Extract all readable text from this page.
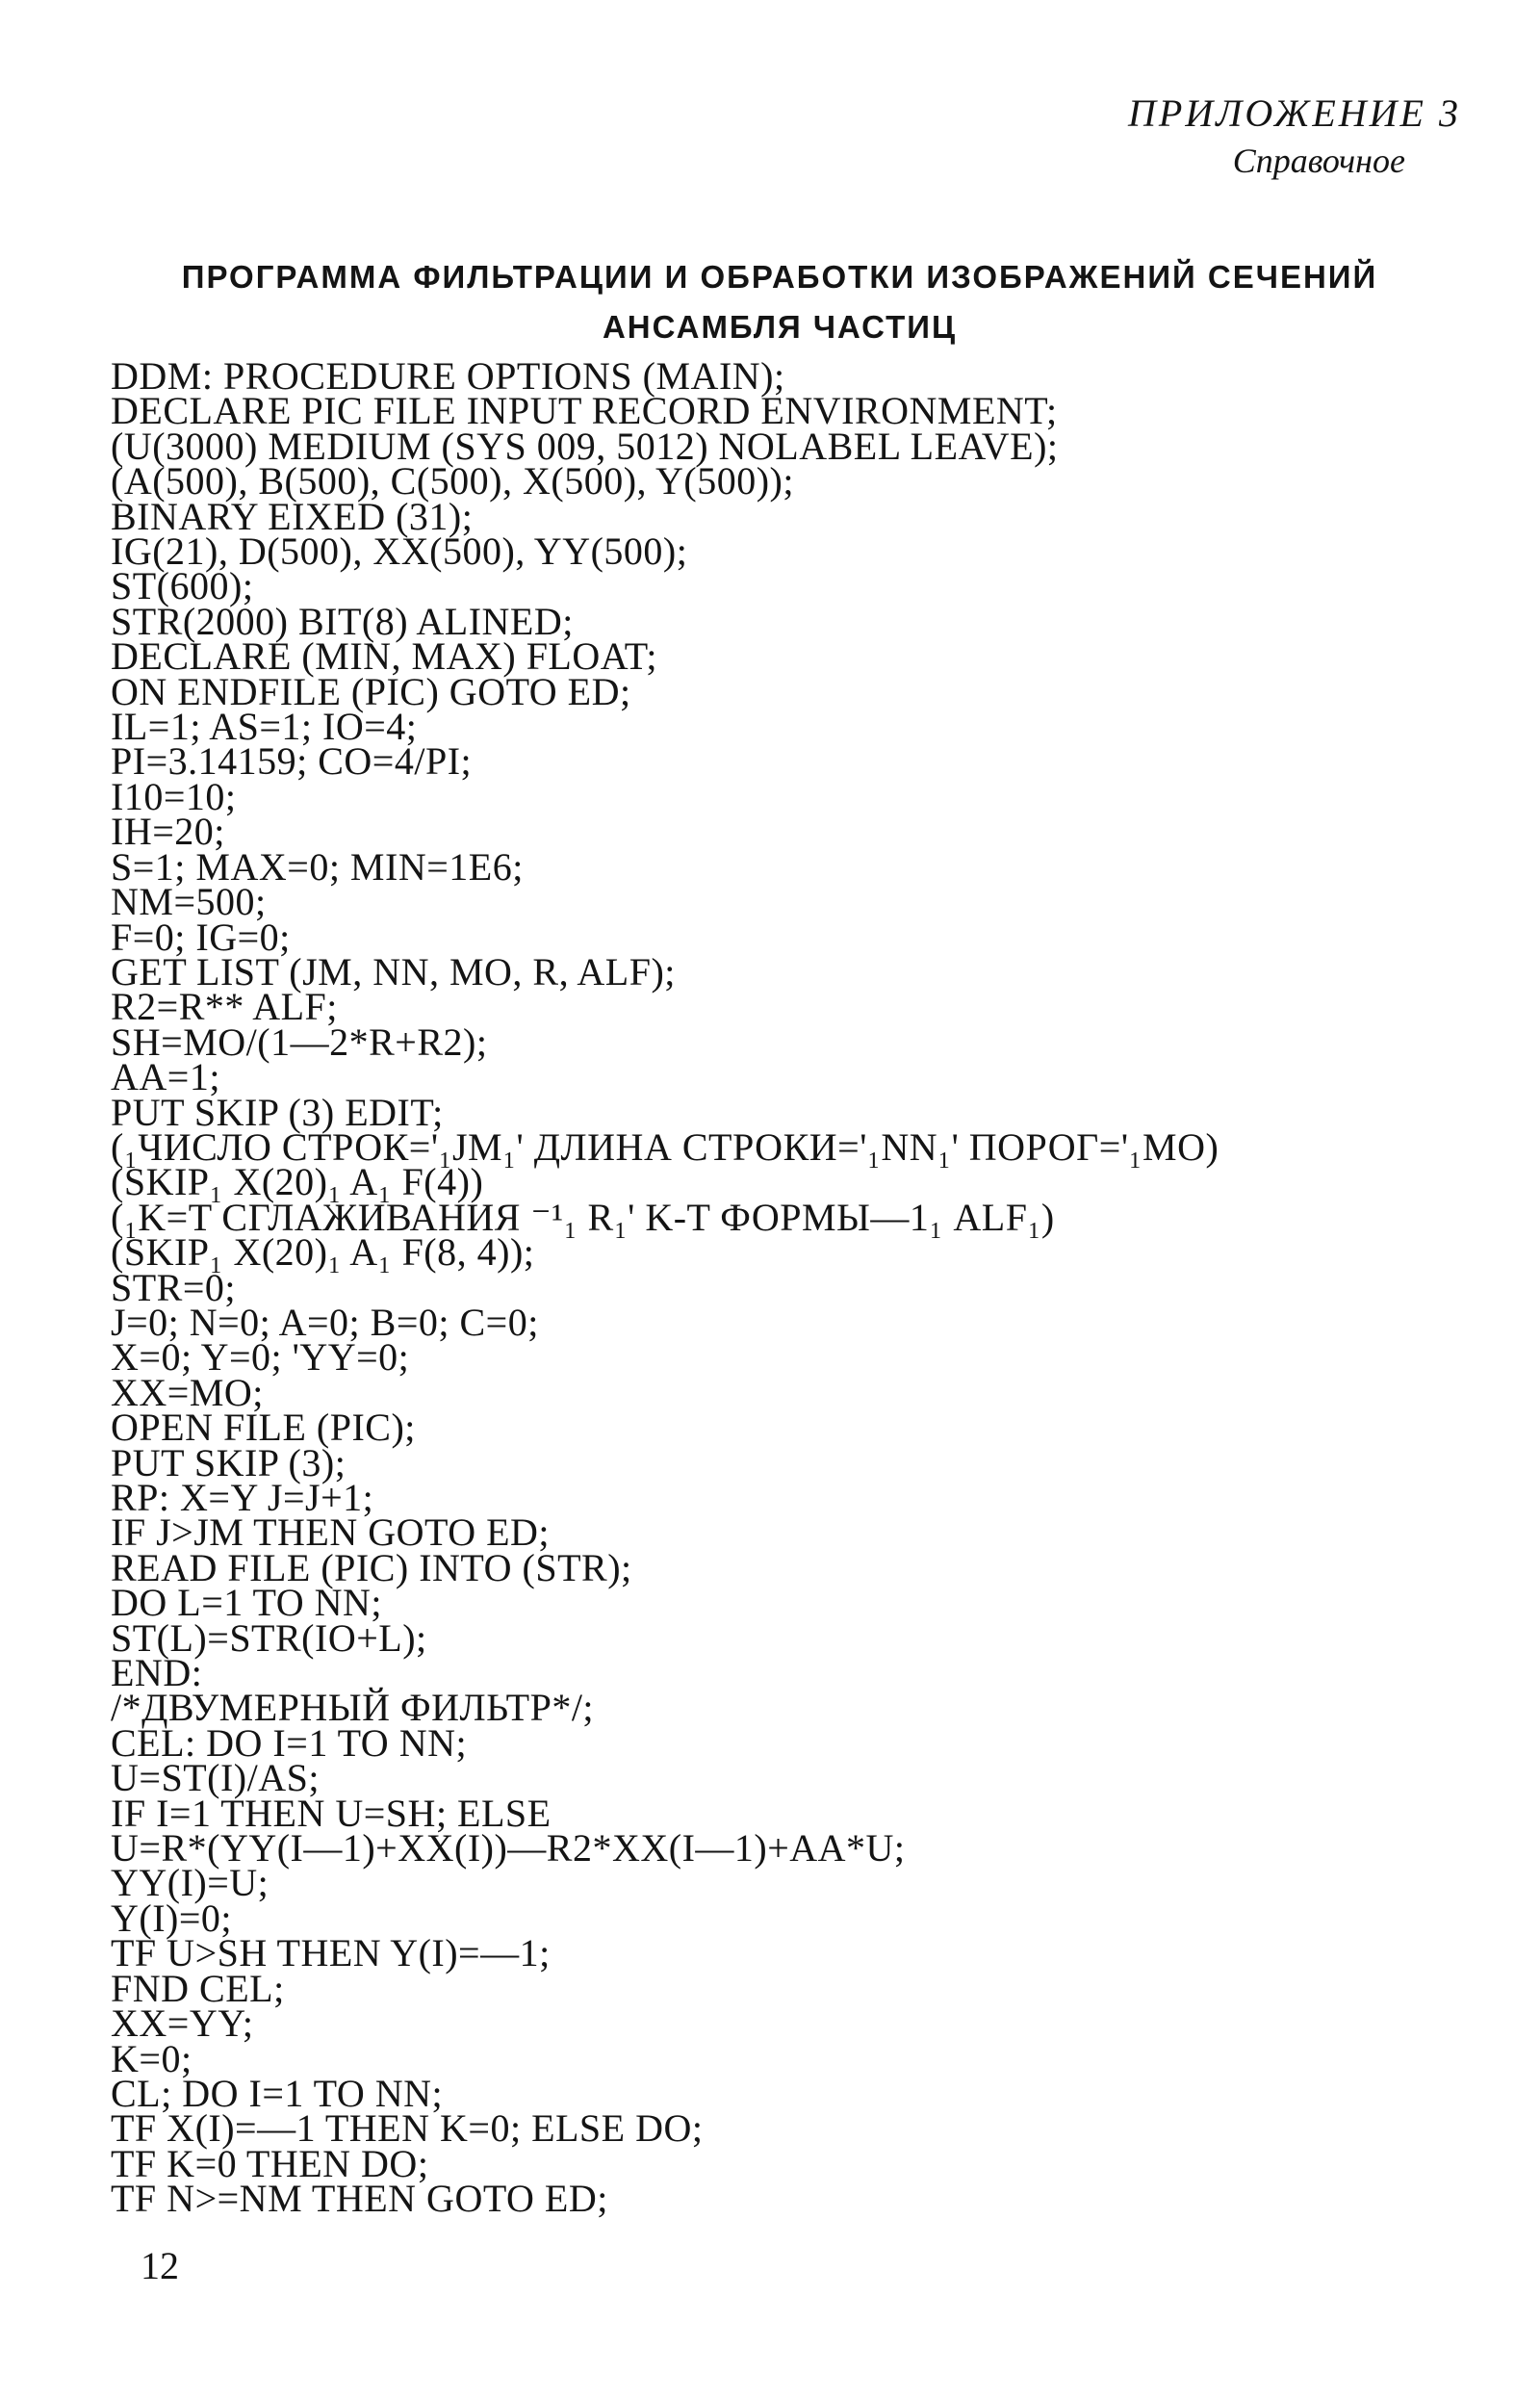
ПРИЛОЖЕНИЕ 3
Справочное
ПРОГРАММА ФИЛЬТРАЦИИ И ОБРАБОТКИ ИЗОБРАЖЕНИЙ СЕЧЕНИЙ
АНСАМБЛЯ ЧАСТИЦ
DDM: PROCEDURE OPTIONS (MAIN);
DECLARE PIC FILE INPUT RECORD ENVIRONMENT;
(U(3000) MEDIUM (SYS 009, 5012) NOLABEL LEAVE);
(A(500), B(500), C(500), X(500), Y(500));
BINARY EIXED (31);
IG(21), D(500), XX(500), YY(500);
ST(600);
STR(2000) BIT(8) ALINED;
DECLARE (MIN, MAX) FLOAT;
ON ENDFILE (PIC) GOTO ED;
IL=1; AS=1; IO=4;
PI=3.14159; CO=4/PI;
I10=10;
IH=20;
S=1; MAX=0; MIN=1E6;
NM=500;
F=0; IG=0;
GET LIST (JM, NN, MO, R, ALF);
R2=R** ALF;
SH=MO/(1—2*R+R2);
AA=1;
PUT SKIP (3) EDIT;
(₁ЧИСЛО СТРОК='₁JM₁' ДЛИНА СТРОКИ='₁NN₁' ПОРОГ='₁MO)
(SKIP₁ X(20)₁ A₁ F(4))
(₁K=T СГЛАЖИВАНИЯ ⁻¹₁ R₁' K-T ФОРМЫ—1₁ ALF₁)
(SKIP₁ X(20)₁ A₁ F(8, 4));
STR=0;
J=0; N=0; A=0; B=0; C=0;
X=0; Y=0; 'YY=0;
XX=MO;
OPEN FILE (PIC);
PUT SKIP (3);
RP: X=Y J=J+1;
IF J>JM THEN GOTO ED;
READ FILE (PIC) INTO (STR);
DO L=1 TO NN;
ST(L)=STR(IO+L);
END:
/*ДВУМЕРНЫЙ ФИЛЬТР*/;
CEL: DO I=1 TO NN;
U=ST(I)/AS;
IF I=1 THEN U=SH; ELSE
U=R*(YY(I—1)+XX(I))—R2*XX(I—1)+AA*U;
YY(I)=U;
Y(I)=0;
TF U>SH THEN Y(I)=—1;
FND CEL;
XX=YY;
K=0;
CL; DO I=1 TO NN;
TF X(I)=—1 THEN K=0; ELSE DO;
TF K=0 THEN DO;
TF N>=NM THEN GOTO ED;
12
